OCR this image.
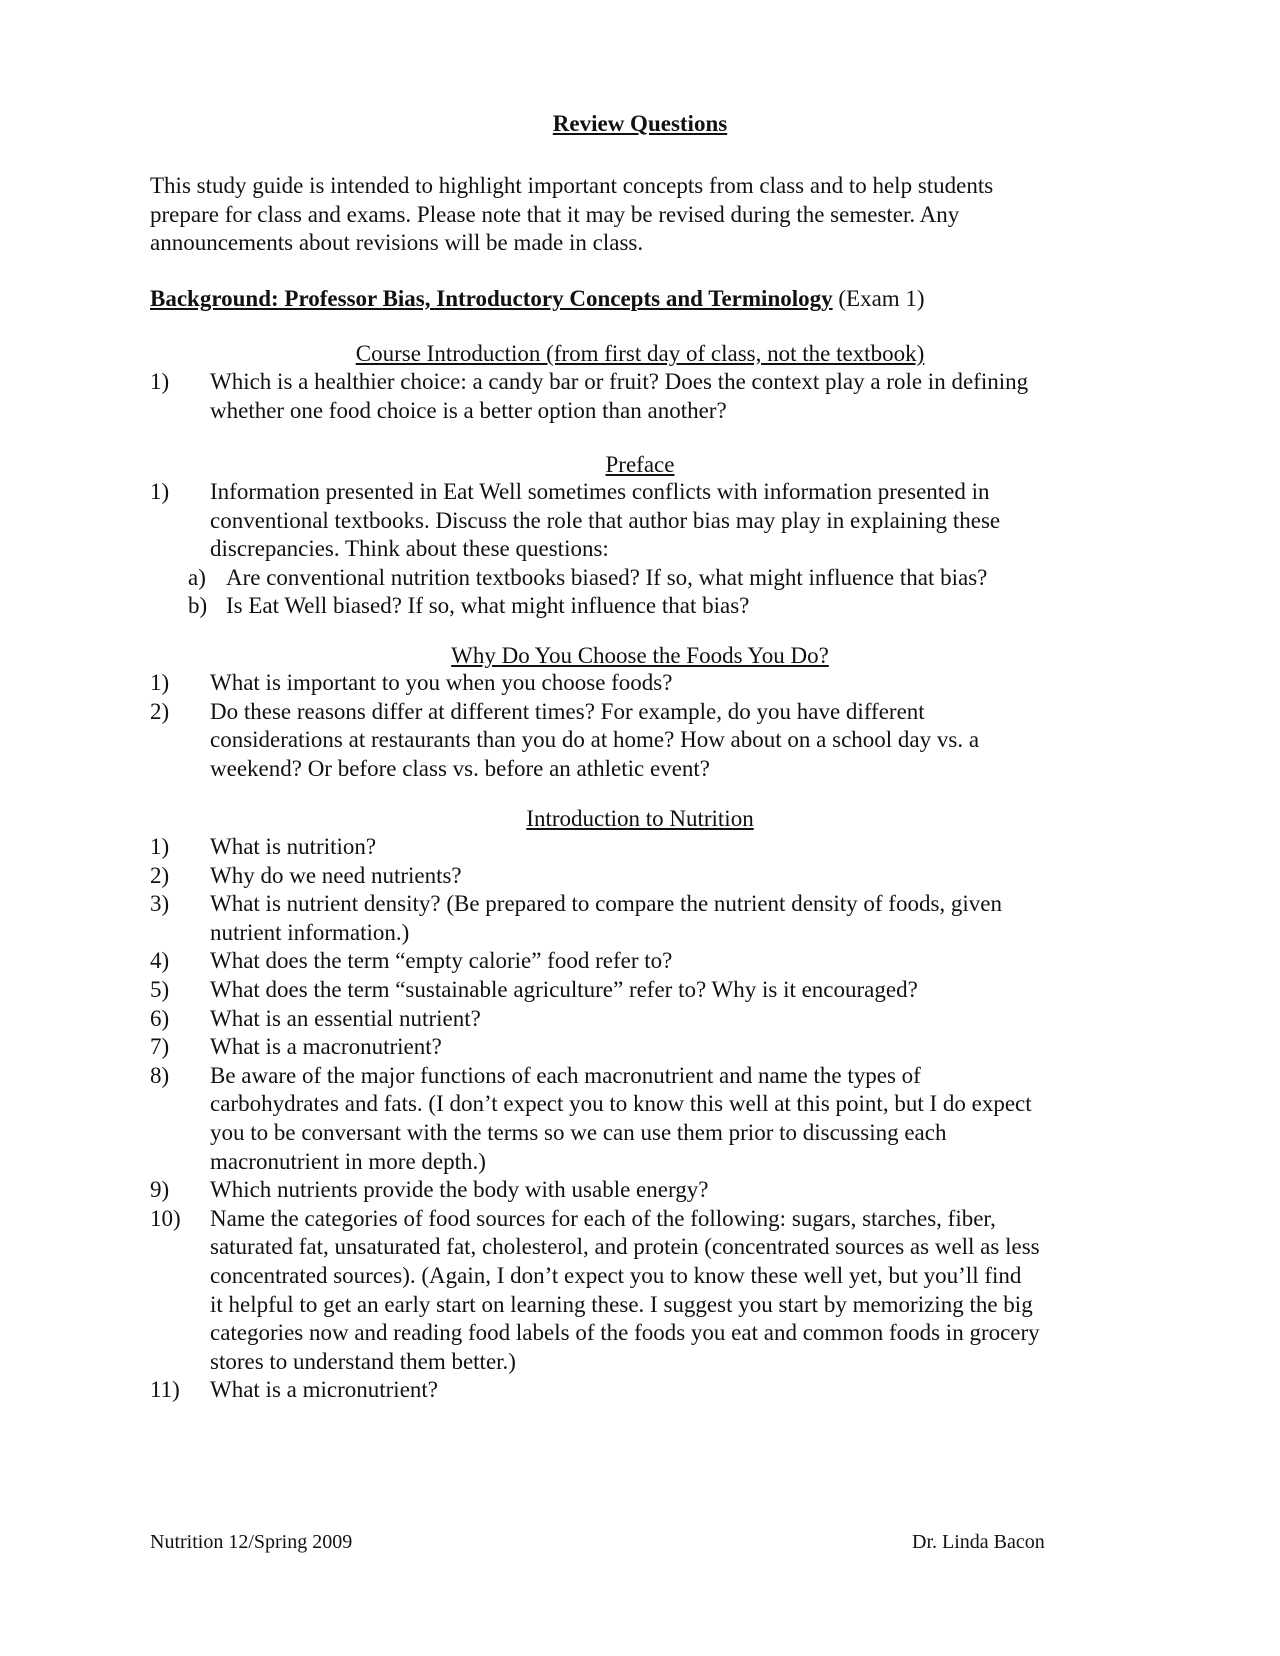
Review Questions
This study guide is intended to highlight important concepts from class and to help students
prepare for class and exams. Please note that it may be revised during the semester. Any
announcements about revisions will be made in class.
Background: Professor Bias, Introductory Concepts and Terminology (Exam 1)
Course Introduction (from first day of class, not the textbook)
1) Which is a healthier choice: a candy bar or fruit? Does the context play a role in defining
whether one food choice is a better option than another?
Preface
1) Information presented in Eat Well sometimes conflicts with information presented in
conventional textbooks. Discuss the role that author bias may play in explaining these
discrepancies. Think about these questions:
a) Are conventional nutrition textbooks biased? If so, what might influence that bias?
b) Is Eat Well biased? If so, what might influence that bias?
Why Do You Choose the Foods You Do?
1) What is important to you when you choose foods?
2) Do these reasons differ at different times? For example, do you have different
considerations at restaurants than you do at home? How about on a school day vs. a
weekend? Or before class vs. before an athletic event?
Introduction to Nutrition
1) What is nutrition?
2) Why do we need nutrients?
3) What is nutrient density? (Be prepared to compare the nutrient density of foods, given
nutrient information.)
4) What does the term “empty calorie” food refer to?
5) What does the term “sustainable agriculture” refer to? Why is it encouraged?
6) What is an essential nutrient?
7) What is a macronutrient?
8) Be aware of the major functions of each macronutrient and name the types of
carbohydrates and fats. (I don’t expect you to know this well at this point, but I do expect
you to be conversant with the terms so we can use them prior to discussing each
macronutrient in more depth.)
9) Which nutrients provide the body with usable energy?
10) Name the categories of food sources for each of the following: sugars, starches, fiber,
saturated fat, unsaturated fat, cholesterol, and protein (concentrated sources as well as less
concentrated sources). (Again, I don’t expect you to know these well yet, but you’ll find
it helpful to get an early start on learning these. I suggest you start by memorizing the big
categories now and reading food labels of the foods you eat and common foods in grocery
stores to understand them better.)
11) What is a micronutrient?
Nutrition 12/Spring 2009	Dr. Linda Bacon
